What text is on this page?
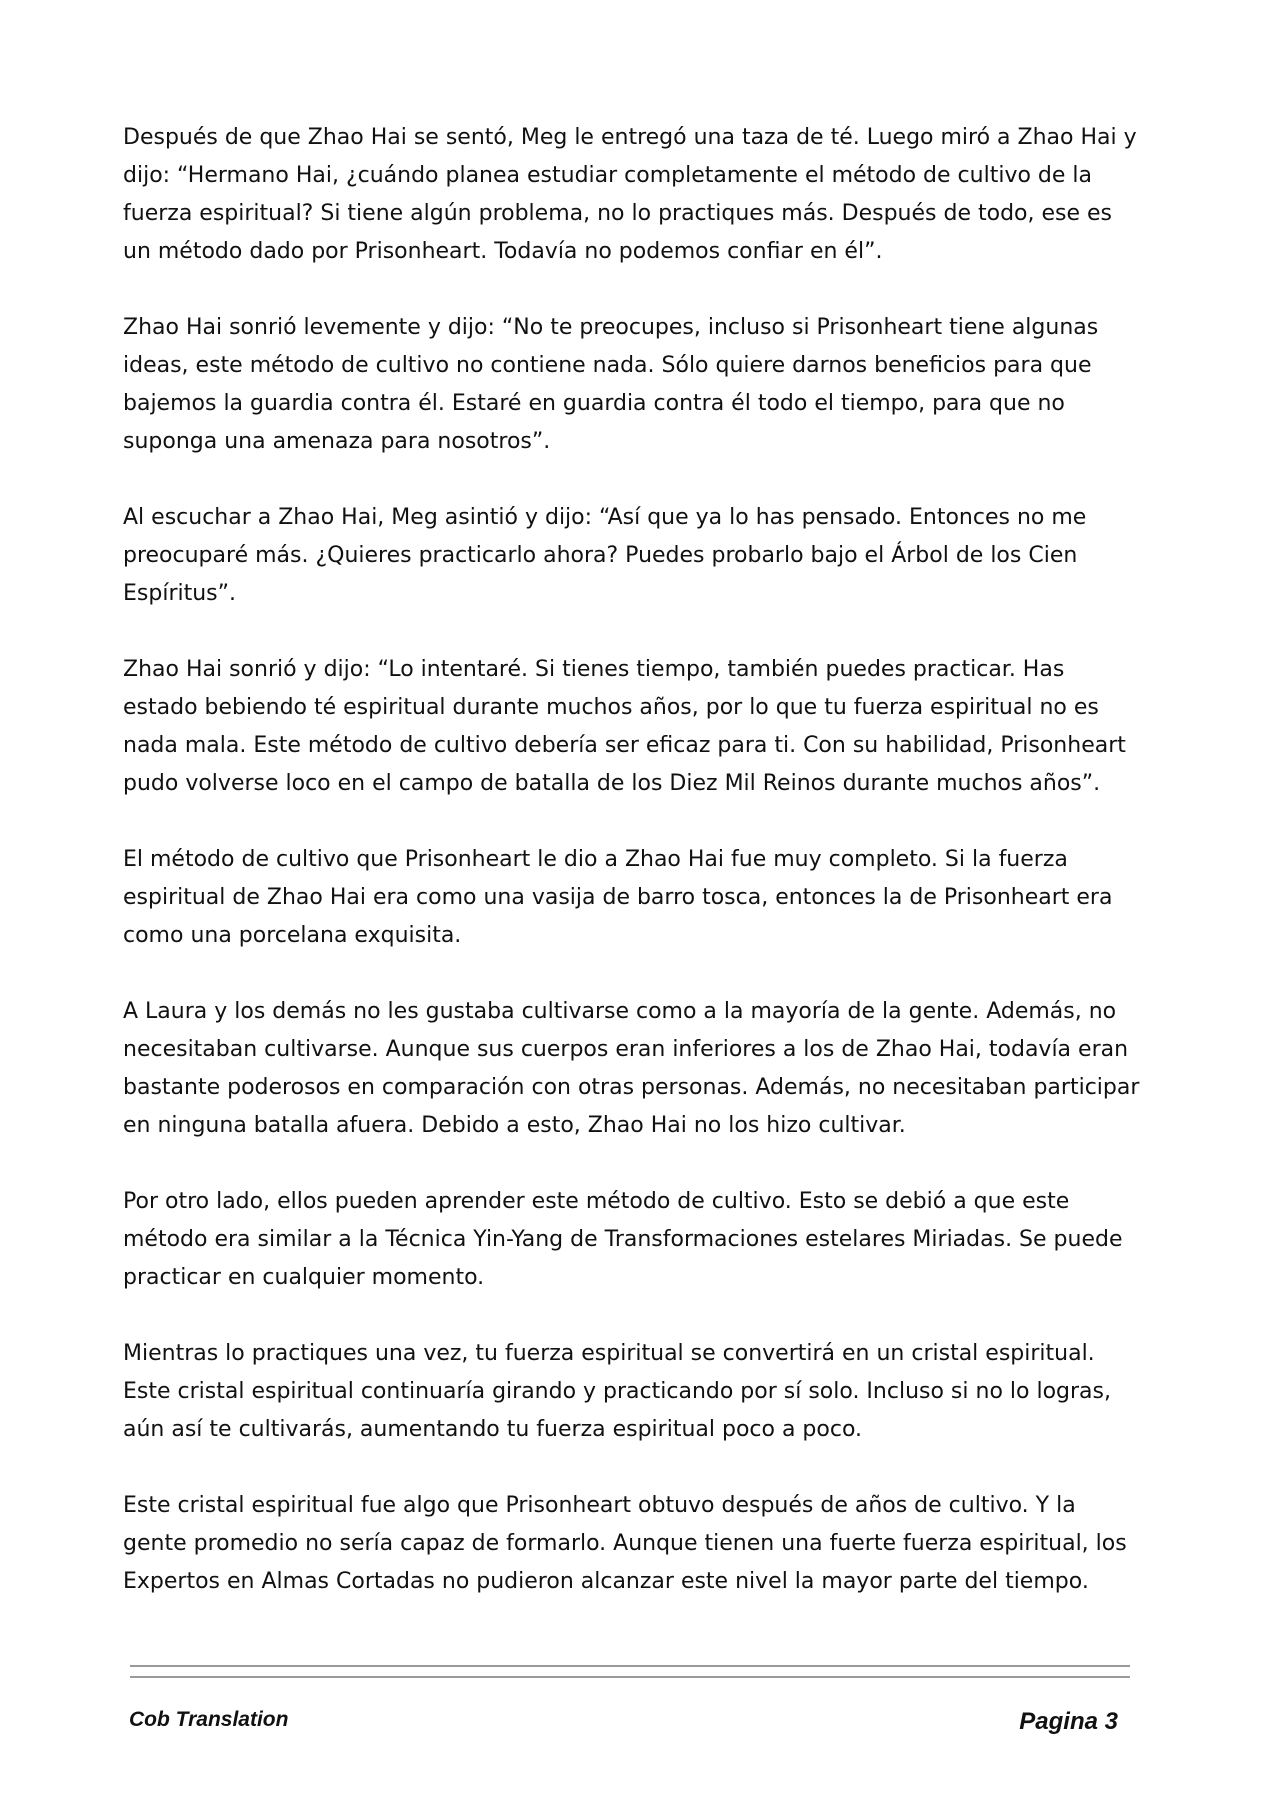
Después de que Zhao Hai se sentó, Meg le entregó una taza de té. Luego miró a Zhao Hai y dijo: “Hermano Hai, ¿cuándo planea estudiar completamente el método de cultivo de la fuerza espiritual? Si tiene algún problema, no lo practiques más. Después de todo, ese es un método dado por Prisonheart. Todavía no podemos confiar en él”.

Zhao Hai sonrió levemente y dijo: “No te preocupes, incluso si Prisonheart tiene algunas ideas, este método de cultivo no contiene nada. Sólo quiere darnos beneficios para que bajemos la guardia contra él. Estaré en guardia contra él todo el tiempo, para que no suponga una amenaza para nosotros”.

Al escuchar a Zhao Hai, Meg asintió y dijo: “Así que ya lo has pensado. Entonces no me preocuparé más. ¿Quieres practicarlo ahora? Puedes probarlo bajo el Árbol de los Cien Espíritus”.

Zhao Hai sonrió y dijo: “Lo intentaré. Si tienes tiempo, también puedes practicar. Has estado bebiendo té espiritual durante muchos años, por lo que tu fuerza espiritual no es nada mala. Este método de cultivo debería ser eficaz para ti. Con su habilidad, Prisonheart pudo volverse loco en el campo de batalla de los Diez Mil Reinos durante muchos años”.

El método de cultivo que Prisonheart le dio a Zhao Hai fue muy completo. Si la fuerza espiritual de Zhao Hai era como una vasija de barro tosca, entonces la de Prisonheart era como una porcelana exquisita.

A Laura y los demás no les gustaba cultivarse como a la mayoría de la gente. Además, no necesitaban cultivarse. Aunque sus cuerpos eran inferiores a los de Zhao Hai, todavía eran bastante poderosos en comparación con otras personas. Además, no necesitaban participar en ninguna batalla afuera. Debido a esto, Zhao Hai no los hizo cultivar.

Por otro lado, ellos pueden aprender este método de cultivo. Esto se debió a que este método era similar a la Técnica Yin-Yang de Transformaciones estelares Miriadas. Se puede practicar en cualquier momento.

Mientras lo practiques una vez, tu fuerza espiritual se convertirá en un cristal espiritual. Este cristal espiritual continuaría girando y practicando por sí solo. Incluso si no lo logras, aún así te cultivarás, aumentando tu fuerza espiritual poco a poco.

Este cristal espiritual fue algo que Prisonheart obtuvo después de años de cultivo. Y la gente promedio no sería capaz de formarlo. Aunque tienen una fuerte fuerza espiritual, los Expertos en Almas Cortadas no pudieron alcanzar este nivel la mayor parte del tiempo.

Cob Translation	Pagina 3
